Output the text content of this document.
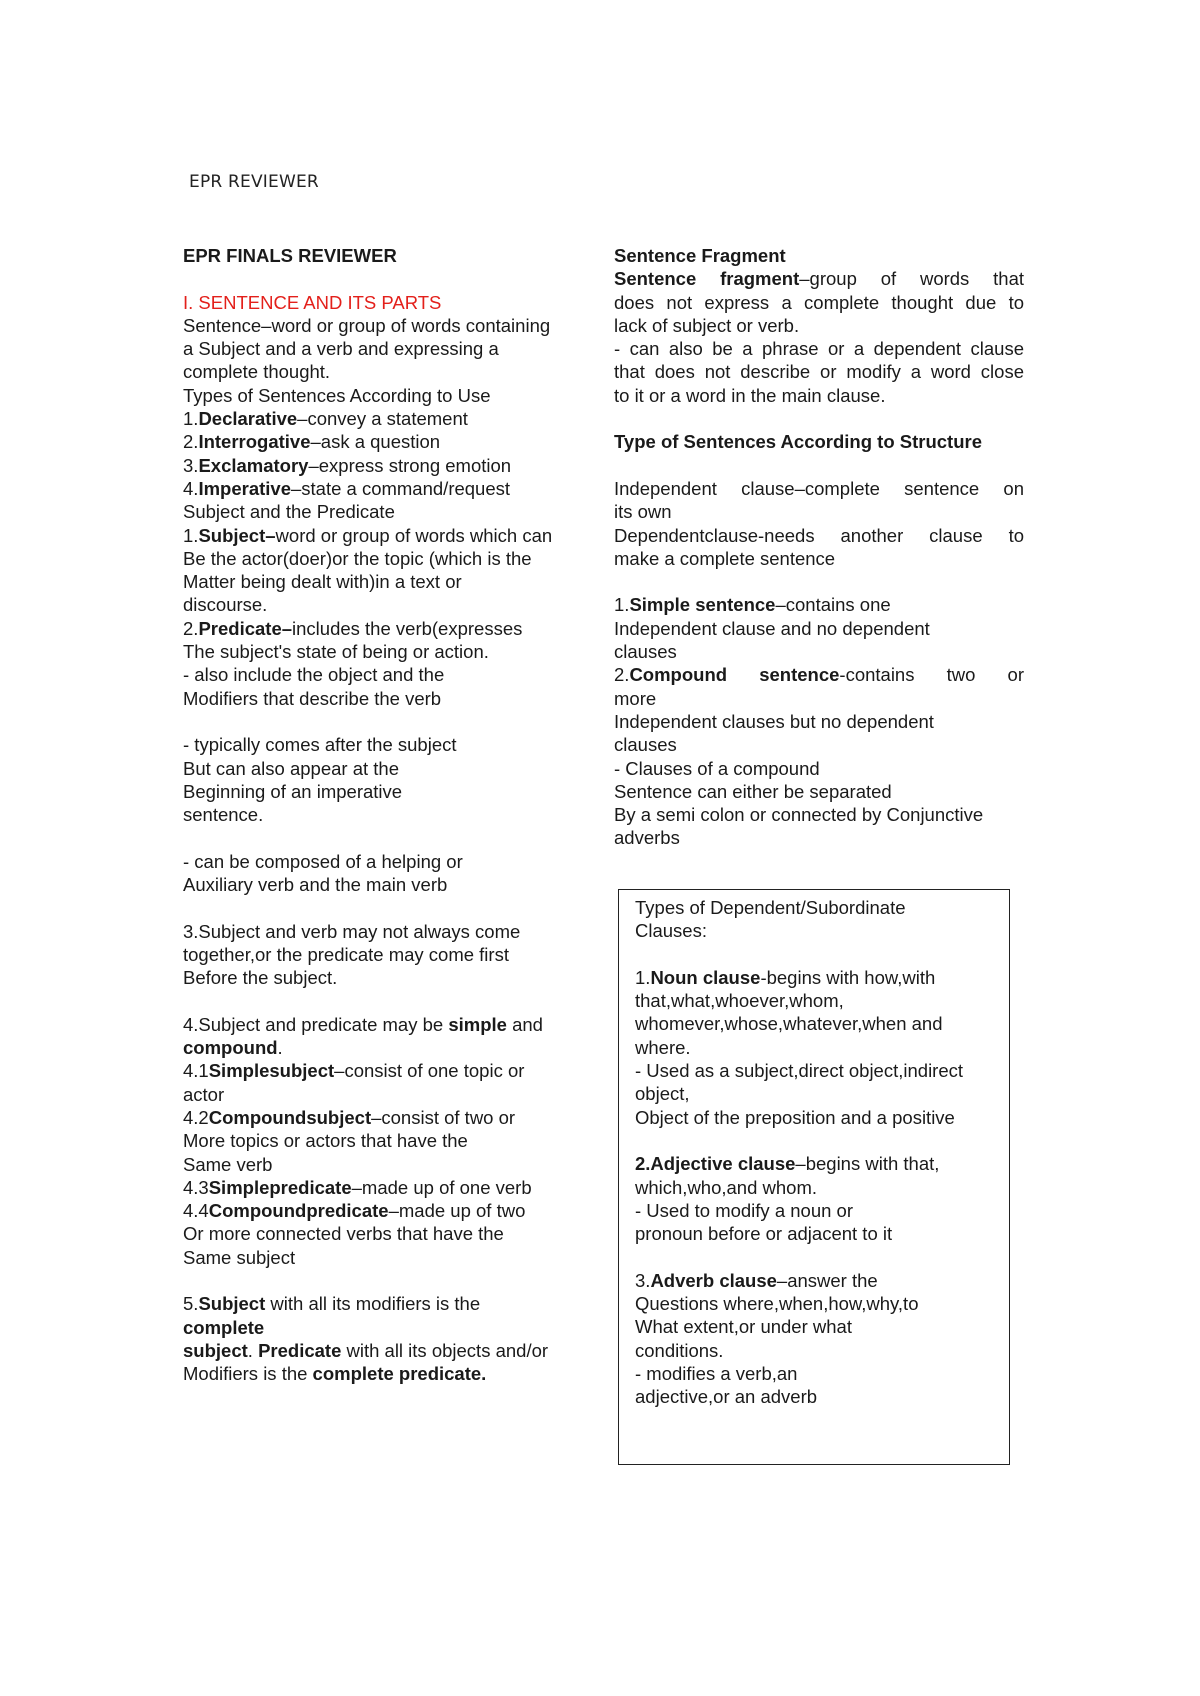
EPR REVIEWER
EPR FINALS REVIEWER
I. SENTENCE AND ITS PARTS
Sentence–word or group of words containing
a Subject and a verb and expressing a
complete thought.
Types of Sentences According to Use
1.Declarative–convey a statement
2.Interrogative–ask a question
3.Exclamatory–express strong emotion
4.Imperative–state a command/request
Subject and the Predicate
1.Subject–word or group of words which can
Be the actor(doer)or the topic (which is the
Matter being dealt with)in a text or
discourse.
2.Predicate–includes the verb(expresses
The subject's state of being or action.
- also include the object and the
Modifiers that describe the verb
- typically comes after the subject
But can also appear at the
Beginning of an imperative
sentence.
- can be composed of a helping or
Auxiliary verb and the main verb
3.Subject and verb may not always come
together,or the predicate may come first
Before the subject.
4.Subject and predicate may be simple and
compound.
4.1Simplesubject–consist of one topic or
actor
4.2Compoundsubject–consist of two or
More topics or actors that have the
Same verb
4.3Simplepredicate–made up of one verb
4.4Compoundpredicate–made up of two
Or more connected verbs that have the
Same subject
5.Subject with all its modifiers is the
complete
subject. Predicate with all its objects and/or
Modifiers is the complete predicate.
Sentence Fragment
Sentence fragment–group of words that
does not express a complete thought due to
lack of subject or verb.
- can also be a phrase or a dependent clause
that does not describe or modify a word close
to it or a word in the main clause.
Type of Sentences According to Structure
Independent clause–complete sentence on
its own
Dependentclause-needs another clause to
make a complete sentence
1.Simple sentence–contains one
Independent clause and no dependent
clauses
2.Compound sentence-contains two or
more
Independent clauses but no dependent
clauses
- Clauses of a compound
Sentence can either be separated
By a semi colon or connected by Conjunctive
adverbs
Types of Dependent/Subordinate
Clauses:
1.Noun clause-begins with how,with
that,what,whoever,whom,
whomever,whose,whatever,when and
where.
- Used as a subject,direct object,indirect
object,
Object of the preposition and a positive
2.Adjective clause–begins with that,
which,who,and whom.
- Used to modify a noun or
pronoun before or adjacent to it
3.Adverb clause–answer the
Questions where,when,how,why,to
What extent,or under what
conditions.
- modifies a verb,an
adjective,or an adverb
